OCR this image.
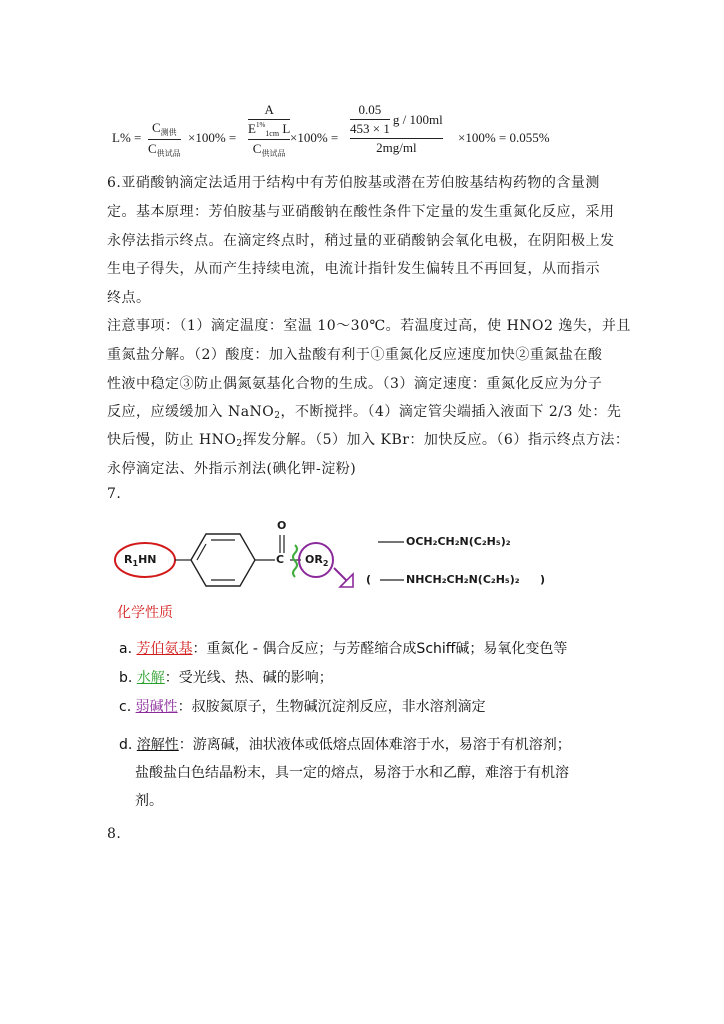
L% =
$C_{测供}$
$C_{供试品}$
×100% =
A
$E^{1\%}_{1cm}$ L
$C_{供试品}$
×100% =
0.05
453 × 1
g / 100ml
2mg/ml
×100% = 0.055%
6.亚硝酸钠滴定法适用于结构中有芳伯胺基或潜在芳伯胺基结构药物的含量测
定。基本原理：芳伯胺基与亚硝酸钠在酸性条件下定量的发生重氮化反应，采用
永停法指示终点。在滴定终点时，稍过量的亚硝酸钠会氧化电极，在阴阳极上发
生电子得失，从而产生持续电流，电流计指针发生偏转且不再回复，从而指示
终点。
注意事项：（1）滴定温度：室温 10～30℃。若温度过高，使 HNO2 逸失，并且
重氮盐分解。（2）酸度：加入盐酸有利于①重氮化反应速度加快②重氮盐在酸
性液中稳定③防止偶氮氨基化合物的生成。（3）滴定速度：重氮化反应为分子
反应，应缓缓加入 NaNO2，不断搅拌。（4）滴定管尖端插入液面下 2/3 处：先
快后慢，防止 HNO2挥发分解。（5）加入 KBr：加快反应。（6）指示终点方法：
永停滴定法、外指示剂法(碘化钾-淀粉)
7.
$R_1HN$
O
C $OR_2$
OCH₂CH₂N(C₂H₅)₂
(	NHCH₂CH₂N(C₂H₅)₂ )
化学性质
a. 芳伯氨基：重氮化 - 偶合反应；与芳醛缩合成Schiff碱；易氧化变色等
b. 水解：受光线、热、碱的影响；
c. 弱碱性：叔胺氮原子，生物碱沉淀剂反应，非水溶剂滴定
d. 溶解性：游离碱，油状液体或低熔点固体难溶于水，易溶于有机溶剂；
盐酸盐白色结晶粉末，具一定的熔点，易溶于水和乙醇，难溶于有机溶
剂。
8.
